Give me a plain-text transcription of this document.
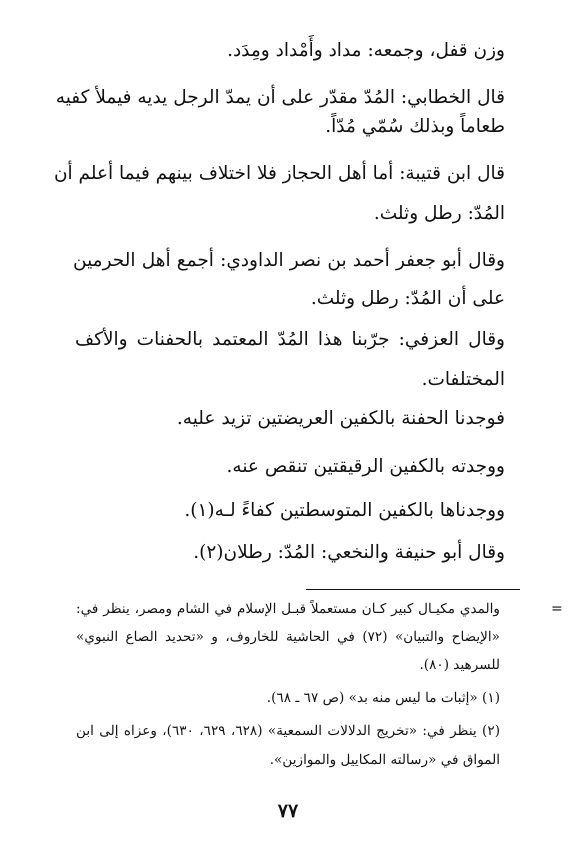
وزن قفل، وجمعه: مداد وأَمْداد ومِدَد.
قال الخطابي: المُدّ مقدّر على أن يمدّ الرجل يديه فيملأ كفيه
طعاماً وبذلك سُمّي مُدّاً.
قال ابن قتيبة: أما أهل الحجاز فلا اختلاف بينهم فيما أعلم أن
المُدّ: رطل وثلث.
وقال أبو جعفر أحمد بن نصر الداودي: أجمع أهل الحرمين
على أن المُدّ: رطل وثلث.
وقال العزفي: جرّبنا هذا المُدّ المعتمد بالحفنات والأكف
المختلفات.
فوجدنا الحفنة بالكفين العريضتين تزيد عليه.
ووجدته بالكفين الرقيقتين تنقص عنه.
ووجدناها بالكفين المتوسطتين كفاءً لـه(١).
وقال أبو حنيفة والنخعي: المُدّ: رطلان(٢).
=
والمدي مكيـال كبير كـان مستعملاً قبـل الإسلام في الشام ومصر، ينظر في:
«الإيضاح والتبيان» (٧٢) في الحاشية للخاروف، و «تحديد الصاع النبوي»
للسرهيد (٨٠).
(١) «إثبات ما ليس منه بد» (ص ٦٧ ـ ٦٨).
(٢) ينظر في: «تخريج الدلالات السمعية» (٦٢٨، ٦٢٩، ٦٣٠)، وعزاه إلى ابن
المواق في «رسالته المكاييل والموازين».
٧٧
